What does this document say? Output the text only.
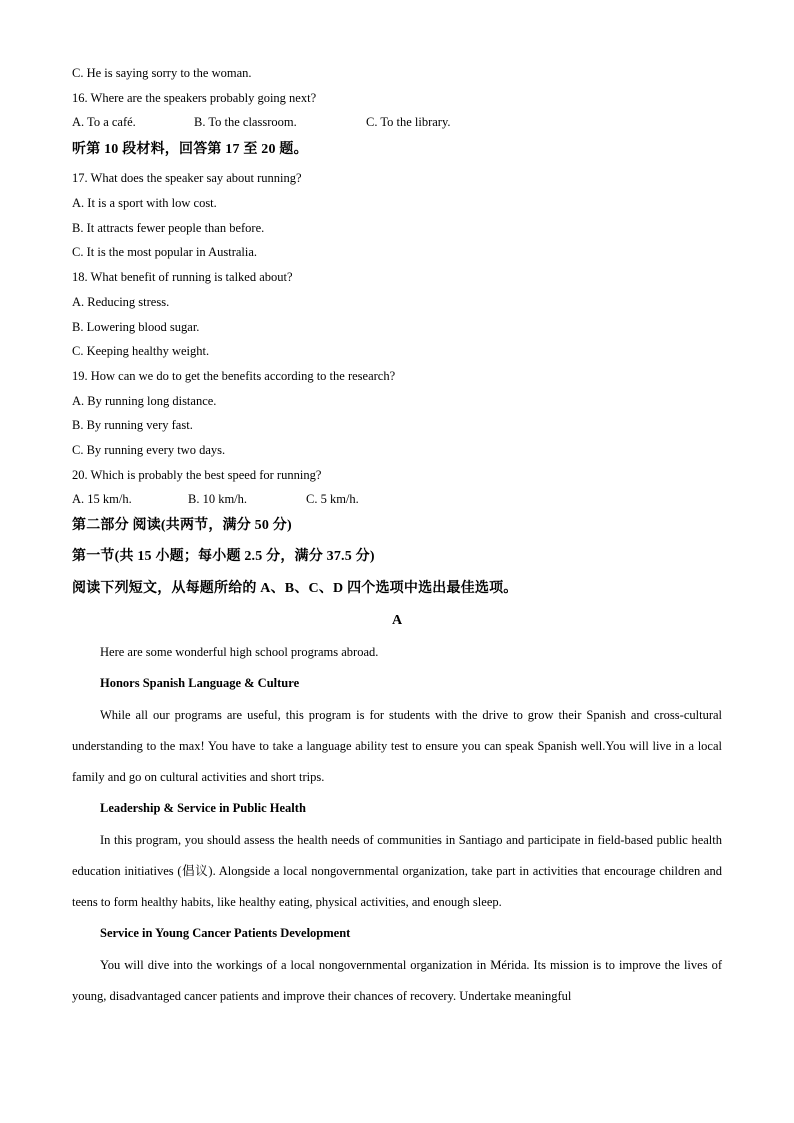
C. He is saying sorry to the woman.
16. Where are the speakers probably going next?
A. To a café.	B. To the classroom.	C. To the library.
听第 10 段材料，回答第 17 至 20 题。
17. What does the speaker say about running?
A. It is a sport with low cost.
B. It attracts fewer people than before.
C. It is the most popular in Australia.
18. What benefit of running is talked about?
A. Reducing stress.
B. Lowering blood sugar.
C. Keeping healthy weight.
19. How can we do to get the benefits according to the research?
A. By running long distance.
B. By running very fast.
C. By running every two days.
20. Which is probably the best speed for running?
A. 15 km/h.	B. 10 km/h.	C. 5 km/h.
第二部分 阅读(共两节，满分 50 分)
第一节(共 15 小题；每小题 2.5 分，满分 37.5 分)
阅读下列短文，从每题所给的 A、B、C、D 四个选项中选出最佳选项。
A
Here are some wonderful high school programs abroad.
Honors Spanish Language & Culture
While all our programs are useful, this program is for students with the drive to grow their Spanish and cross-cultural understanding to the max! You have to take a language ability test to ensure you can speak Spanish well.You will live in a local family and go on cultural activities and short trips.
Leadership & Service in Public Health
In this program, you should assess the health needs of communities in Santiago and participate in field-based public health education initiatives (倡议). Alongside a local nongovernmental organization, take part in activities that encourage children and teens to form healthy habits, like healthy eating, physical activities, and enough sleep.
Service in Young Cancer Patients Development
You will dive into the workings of a local nongovernmental organization in Mérida. Its mission is to improve the lives of young, disadvantaged cancer patients and improve their chances of recovery. Undertake meaningful
